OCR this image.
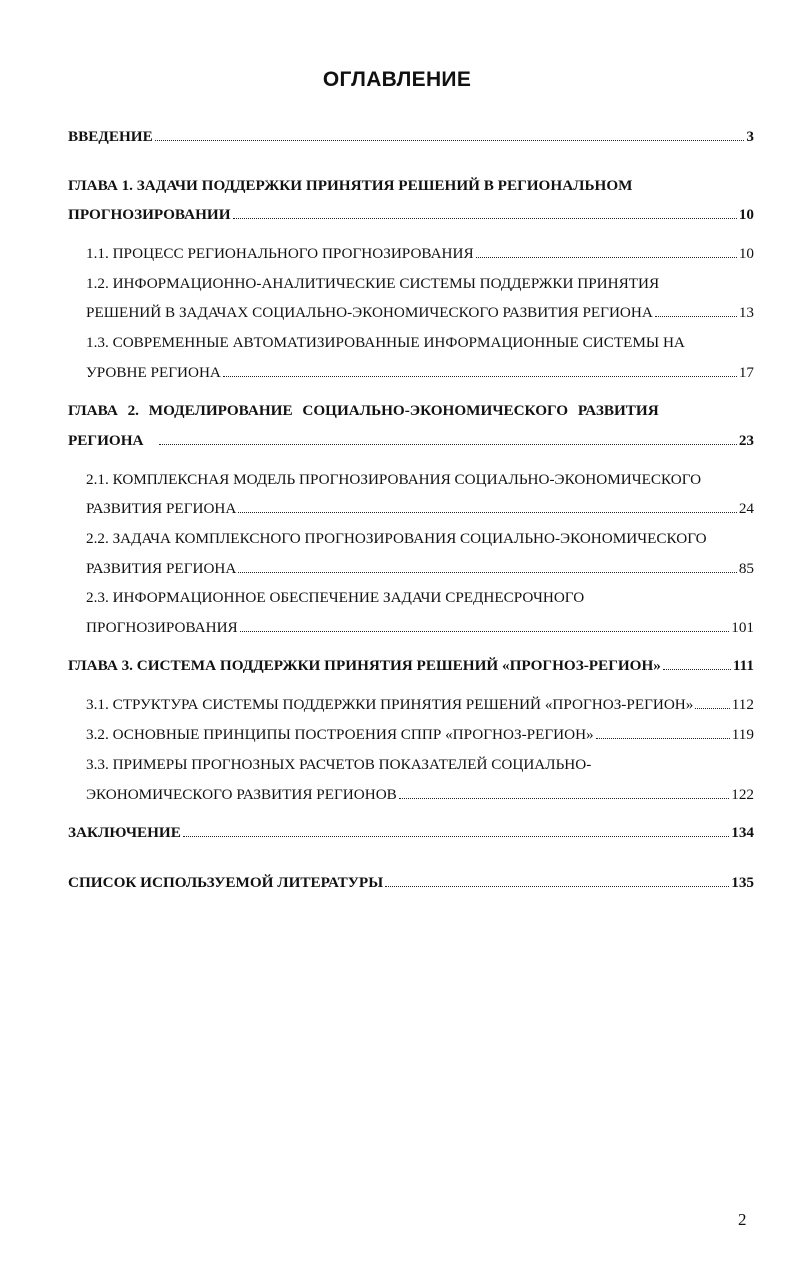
ОГЛАВЛЕНИЕ
ВВЕДЕНИЕ	3
ГЛАВА 1. ЗАДАЧИ ПОДДЕРЖКИ ПРИНЯТИЯ РЕШЕНИЙ В РЕГИОНАЛЬНОМ
ПРОГНОЗИРОВАНИИ	10
1.1. ПРОЦЕСС РЕГИОНАЛЬНОГО ПРОГНОЗИРОВАНИЯ	10
1.2. ИНФОРМАЦИОННО-АНАЛИТИЧЕСКИЕ СИСТЕМЫ ПОДДЕРЖКИ ПРИНЯТИЯ
РЕШЕНИЙ В ЗАДАЧАХ СОЦИАЛЬНО-ЭКОНОМИЧЕСКОГО РАЗВИТИЯ РЕГИОНА	13
1.3. СОВРЕМЕННЫЕ АВТОМАТИЗИРОВАННЫЕ ИНФОРМАЦИОННЫЕ СИСТЕМЫ НА
УРОВНЕ РЕГИОНА	17
ГЛАВА 2. МОДЕЛИРОВАНИЕ СОЦИАЛЬНО-ЭКОНОМИЧЕСКОГО РАЗВИТИЯ
РЕГИОНА	23
2.1. КОМПЛЕКСНАЯ МОДЕЛЬ ПРОГНОЗИРОВАНИЯ СОЦИАЛЬНО-ЭКОНОМИЧЕСКОГО
РАЗВИТИЯ РЕГИОНА	24
2.2. ЗАДАЧА КОМПЛЕКСНОГО ПРОГНОЗИРОВАНИЯ СОЦИАЛЬНО-ЭКОНОМИЧЕСКОГО
РАЗВИТИЯ РЕГИОНА	85
2.3. ИНФОРМАЦИОННОЕ ОБЕСПЕЧЕНИЕ ЗАДАЧИ СРЕДНЕСРОЧНОГО
ПРОГНОЗИРОВАНИЯ	101
ГЛАВА 3. СИСТЕМА ПОДДЕРЖКИ ПРИНЯТИЯ РЕШЕНИЙ «ПРОГНОЗ-РЕГИОН»	111
3.1. СТРУКТУРА СИСТЕМЫ ПОДДЕРЖКИ ПРИНЯТИЯ РЕШЕНИЙ «ПРОГНОЗ-РЕГИОН»	112
3.2. ОСНОВНЫЕ ПРИНЦИПЫ ПОСТРОЕНИЯ СППР «ПРОГНОЗ-РЕГИОН»	119
3.3. ПРИМЕРЫ ПРОГНОЗНЫХ РАСЧЕТОВ ПОКАЗАТЕЛЕЙ СОЦИАЛЬНО-
ЭКОНОМИЧЕСКОГО РАЗВИТИЯ РЕГИОНОВ	122
ЗАКЛЮЧЕНИЕ	134
СПИСОК ИСПОЛЬЗУЕМОЙ ЛИТЕРАТУРЫ	135
2
